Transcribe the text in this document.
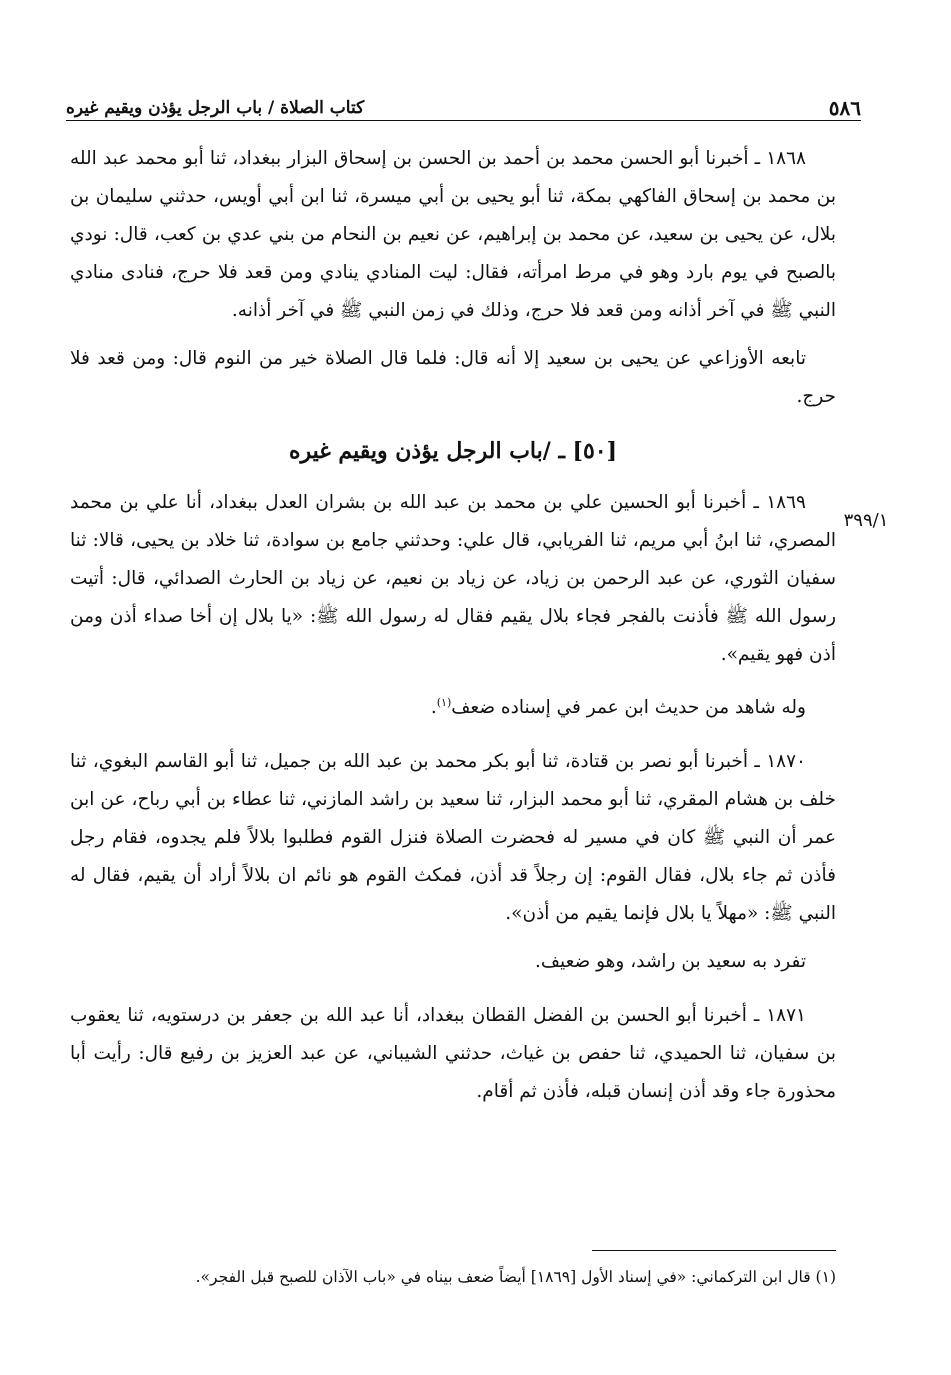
٥٨٦
كتاب الصلاة / باب الرجل يؤذن ويقيم غيره
٣٩٩/١

١٨٦٨ ـ أخبرنا أبو الحسن محمد بن أحمد بن الحسن بن إسحاق البزار ببغداد، ثنا أبو محمد عبد الله بن محمد بن إسحاق الفاكهي بمكة، ثنا أبو يحيى بن أبي ميسرة، ثنا ابن أبي أويس، حدثني سليمان بن بلال، عن يحيى بن سعيد، عن محمد بن إبراهيم، عن نعيم بن النحام من بني عدي بن كعب، قال: نودي بالصبح في يوم بارد وهو في مرط امرأته، فقال: ليت المنادي ينادي ومن قعد فلا حرج، فنادى منادي النبي ﷺ في آخر أذانه ومن قعد فلا حرج، وذلك في زمن النبي ﷺ في آخر أذانه.

تابعه الأوزاعي عن يحيى بن سعيد إلا أنه قال: فلما قال الصلاة خير من النوم قال: ومن قعد فلا حرج.

[٥٠] ـ /باب الرجل يؤذن ويقيم غيره

١٨٦٩ ـ أخبرنا أبو الحسين علي بن محمد بن عبد الله بن بشران العدل ببغداد، أنا علي بن محمد المصري، ثنا ابنُ أبي مريم، ثنا الفريابي، قال علي: وحدثني جامع بن سوادة، ثنا خلاد بن يحيى، قالا: ثنا سفيان الثوري، عن عبد الرحمن بن زياد، عن زياد بن نعيم، عن زياد بن الحارث الصدائي، قال: أتيت رسول الله ﷺ فأذنت بالفجر فجاء بلال يقيم فقال له رسول الله ﷺ: «يا بلال إن أخا صداء أذن ومن أذن فهو يقيم».

وله شاهد من حديث ابن عمر في إسناده ضعف$^{(١)}$.

١٨٧٠ ـ أخبرنا أبو نصر بن قتادة، ثنا أبو بكر محمد بن عبد الله بن جميل، ثنا أبو القاسم البغوي، ثنا خلف بن هشام المقري، ثنا أبو محمد البزار، ثنا سعيد بن راشد المازني، ثنا عطاء بن أبي رباح، عن ابن عمر أن النبي ﷺ كان في مسير له فحضرت الصلاة فنزل القوم فطلبوا بلالاً فلم يجدوه، فقام رجل فأذن ثم جاء بلال، فقال القوم: إن رجلاً قد أذن، فمكث القوم هو نائم ان بلالاً أراد أن يقيم، فقال له النبي ﷺ: «مهلاً يا بلال فإنما يقيم من أذن».

تفرد به سعيد بن راشد، وهو ضعيف.

١٨٧١ ـ أخبرنا أبو الحسن بن الفضل القطان ببغداد، أنا عبد الله بن جعفر بن درستويه، ثنا يعقوب بن سفيان، ثنا الحميدي، ثنا حفص بن غياث، حدثني الشيباني، عن عبد العزيز بن رفيع قال: رأيت أبا محذورة جاء وقد أذن إنسان قبله، فأذن ثم أقام.

(١) قال ابن التركماني: «في إسناد الأول [١٨٦٩] أيضاً ضعف بيناه في «باب الآذان للصبح قبل الفجر».
